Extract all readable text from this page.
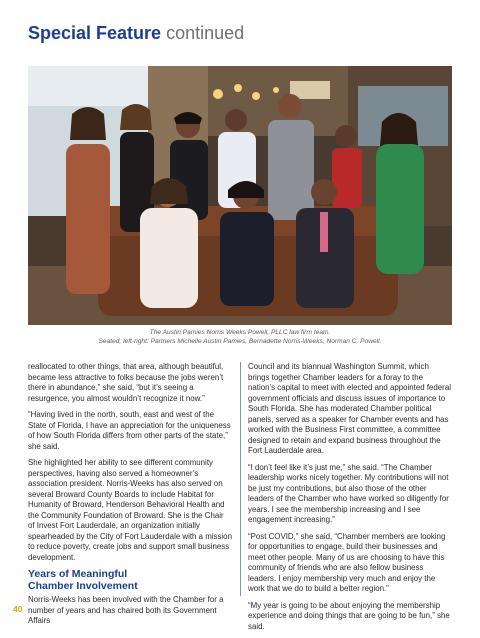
Special Feature continued
The Austin Pamies Norris Weeks Powell, PLLC law firm team.
Seated, left-right: Partners Michelle Austin Pamies, Bernadette Norris-Weeks, Norman C. Powell.

reallocated to other things, that area, although beautiful, became less attractive to folks because the jobs weren’t there in abundance,” she said, “but it’s seeing a resurgence, you almost wouldn’t recognize it now.”

“Having lived in the north, south, east and west of the State of Florida, I have an appreciation for the uniqueness of how South Florida differs from other parts of the state,” she said.

She highlighted her ability to see different community perspectives, having also served a homeowner’s association president. Norris-Weeks has also served on several Broward County Boards to include Habitat for Humanity of Broward, Henderson Behavioral Health and the Community Foundation of Broward. She is the Chair of Invest Fort Lauderdale, an organization initially spearheaded by the City of Fort Lauderdale with a mission to reduce poverty, create jobs and support small business development.

Years of Meaningful
Chamber Involvement

Norris-Weeks has been involved with the Chamber for a number of years and has chaired both its Government Affairs

Council and its biannual Washington Summit, which brings together Chamber leaders for a foray to the nation’s capital to meet with elected and appointed federal government officials and discuss issues of importance to South Florida. She has moderated Chamber political panels, served as a speaker for Chamber events and has worked with the Business First committee, a committee designed to retain and expand business throughout the Fort Lauderdale area.

“I don’t feel like it’s just me,” she said. “The Chamber leadership works nicely together. My contributions will not be just my contributions, but also those of the other leaders of the Chamber who have worked so diligently for years. I see the membership increasing and I see engagement increasing.”

“Post COVID,” she said, “Chamber members are looking for opportunities to engage, build their businesses and meet other people. Many of us are choosing to have this community of friends who are also fellow business leaders. I enjoy membership very much and enjoy the work that we do to build a better region.”

“My year is going to be about enjoying the membership experience and doing things that are going to be fun,” she said.

40
